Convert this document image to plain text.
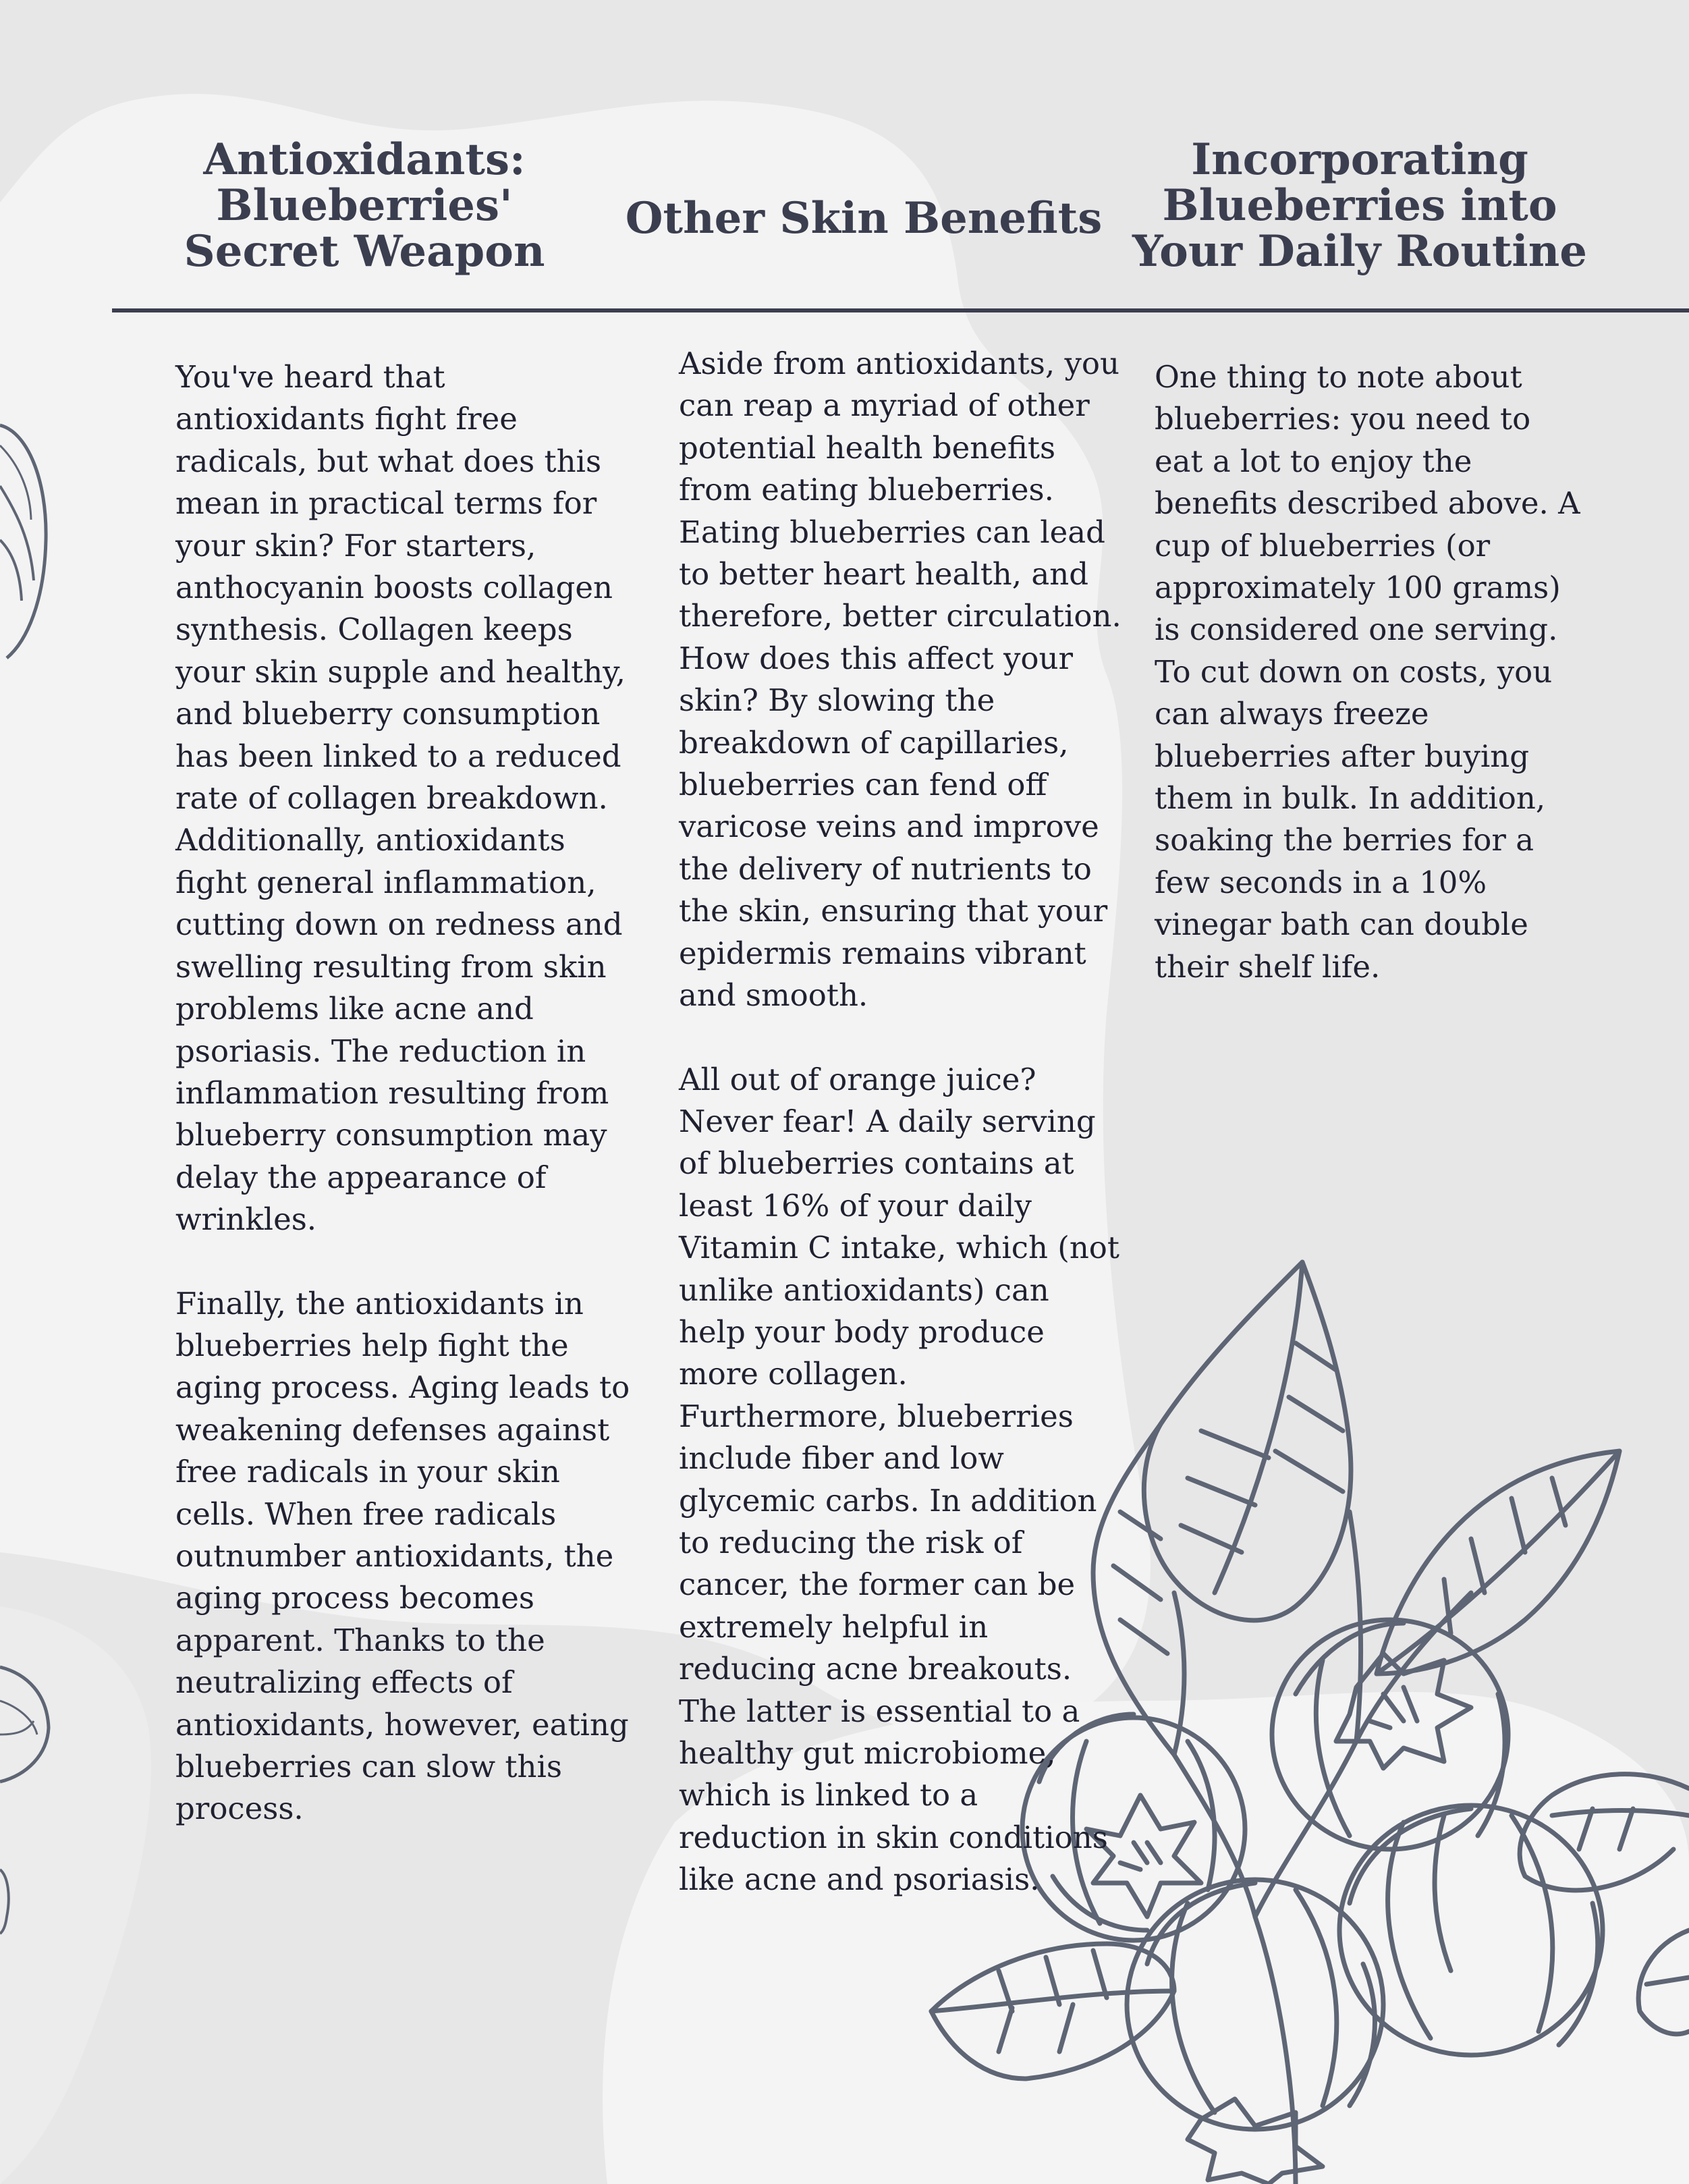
Antioxidants:
Blueberries'
Secret Weapon
Other Skin Benefits
Incorporating
Blueberries into
Your Daily Routine

You've heard that antioxidants fight free radicals, but what does this mean in practical terms for your skin? For starters, anthocyanin boosts collagen synthesis. Collagen keeps your skin supple and healthy, and blueberry consumption has been linked to a reduced rate of collagen breakdown. Additionally, antioxidants fight general inflammation, cutting down on redness and swelling resulting from skin problems like acne and psoriasis. The reduction in inflammation resulting from blueberry consumption may delay the appearance of wrinkles.

Finally, the antioxidants in blueberries help fight the aging process. Aging leads to weakening defenses against free radicals in your skin cells. When free radicals outnumber antioxidants, the aging process becomes apparent. Thanks to the neutralizing effects of antioxidants, however, eating blueberries can slow this process.

Aside from antioxidants, you can reap a myriad of other potential health benefits from eating blueberries. Eating blueberries can lead to better heart health, and therefore, better circulation. How does this affect your skin? By slowing the breakdown of capillaries, blueberries can fend off varicose veins and improve the delivery of nutrients to the skin, ensuring that your epidermis remains vibrant and smooth.

All out of orange juice? Never fear! A daily serving of blueberries contains at least 16% of your daily Vitamin C intake, which (not unlike antioxidants) can help your body produce more collagen. Furthermore, blueberries include fiber and low glycemic carbs. In addition to reducing the risk of cancer, the former can be extremely helpful in reducing acne breakouts. The latter is essential to a healthy gut microbiome, which is linked to a reduction in skin conditions like acne and psoriasis.

One thing to note about blueberries: you need to eat a lot to enjoy the benefits described above. A cup of blueberries (or approximately 100 grams) is considered one serving. To cut down on costs, you can always freeze blueberries after buying them in bulk. In addition, soaking the berries for a few seconds in a 10% vinegar bath can double their shelf life.
